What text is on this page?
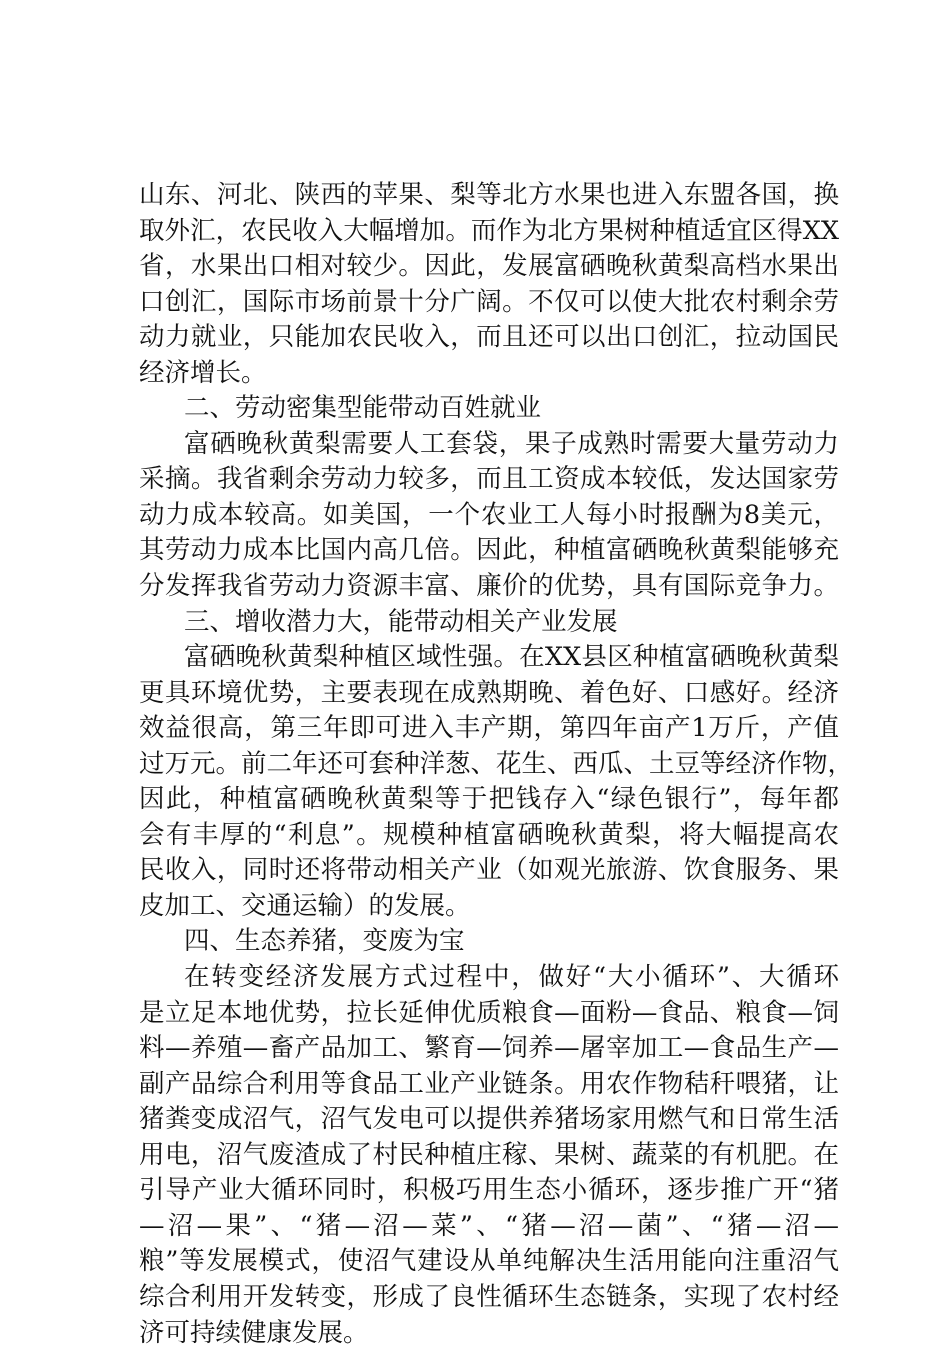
山东、河北、陕西的苹果、梨等北方水果也进入东盟各国，换
取外汇，农民收入大幅增加。而作为北方果树种植适宜区得XX
省，水果出口相对较少。因此，发展富硒晚秋黄梨高档水果出
口创汇，国际市场前景十分广阔。不仅可以使大批农村剩余劳
动力就业，只能加农民收入，而且还可以出口创汇，拉动国民
经济增长。
二、劳动密集型能带动百姓就业
富硒晚秋黄梨需要人工套袋，果子成熟时需要大量劳动力
采摘。我省剩余劳动力较多，而且工资成本较低，发达国家劳
动力成本较高。如美国，一个农业工人每小时报酬为8美元，
其劳动力成本比国内高几倍。因此，种植富硒晚秋黄梨能够充
分发挥我省劳动力资源丰富、廉价的优势，具有国际竞争力。
三、增收潜力大，能带动相关产业发展
富硒晚秋黄梨种植区域性强。在XX县区种植富硒晚秋黄梨
更具环境优势，主要表现在成熟期晚、着色好、口感好。经济
效益很高，第三年即可进入丰产期，第四年亩产1万斤，产值
过万元。前二年还可套种洋葱、花生、西瓜、土豆等经济作物，
因此，种植富硒晚秋黄梨等于把钱存入“绿色银行”，每年都
会有丰厚的“利息”。规模种植富硒晚秋黄梨，将大幅提高农
民收入，同时还将带动相关产业（如观光旅游、饮食服务、果
皮加工、交通运输）的发展。
四、生态养猪，变废为宝
在转变经济发展方式过程中，做好“大小循环”、大循环
是立足本地优势，拉长延伸优质粮食—面粉—食品、粮食—饲
料—养殖—畜产品加工、繁育—饲养—屠宰加工—食品生产—
副产品综合利用等食品工业产业链条。用农作物秸秆喂猪，让
猪粪变成沼气，沼气发电可以提供养猪场家用燃气和日常生活
用电，沼气废渣成了村民种植庄稼、果树、蔬菜的有机肥。在
引导产业大循环同时，积极巧用生态小循环，逐步推广开“猪
—沼—果”、“猪—沼—菜”、“猪—沼—菌”、“猪—沼—
粮”等发展模式，使沼气建设从单纯解决生活用能向注重沼气
综合利用开发转变，形成了良性循环生态链条，实现了农村经
济可持续健康发展。
